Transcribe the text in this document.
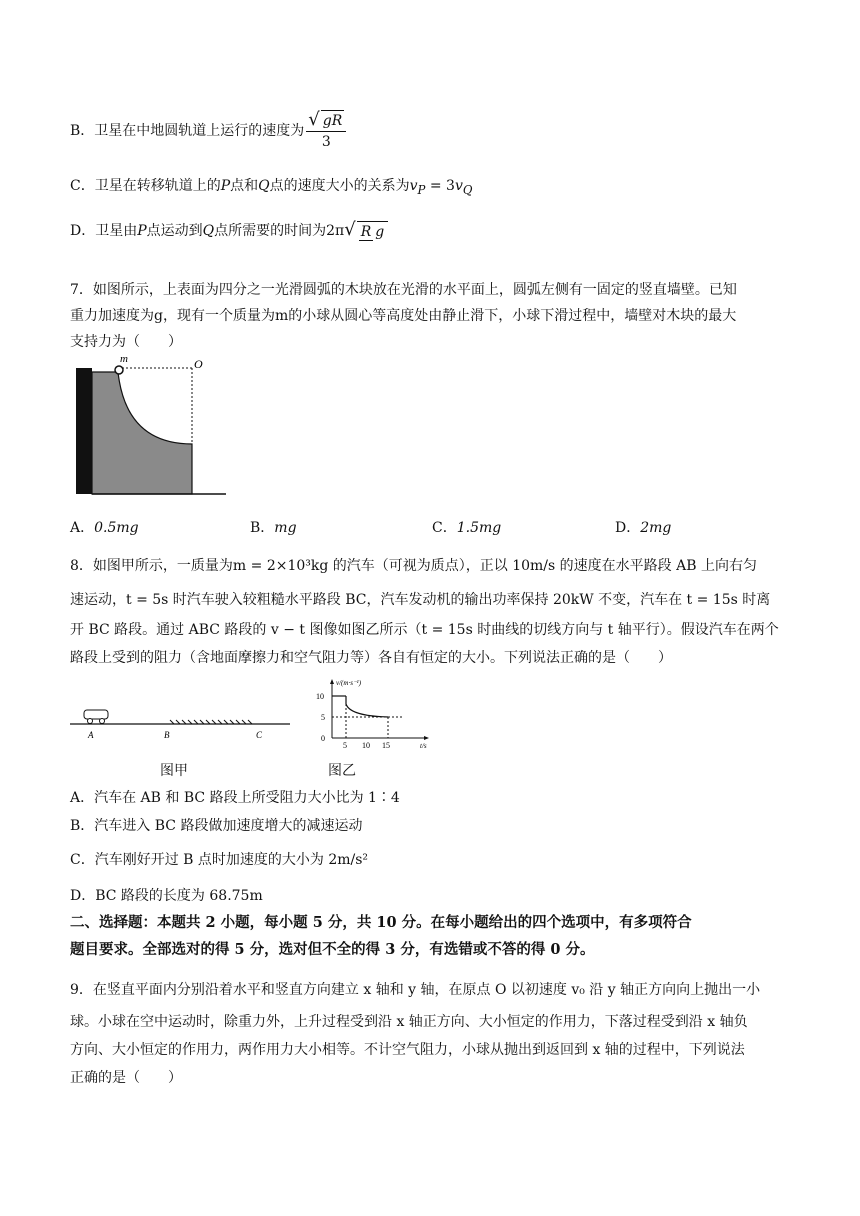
B．卫星在中地圆轨道上运行的速度为 $\frac{√ gR}{3}$
C．卫星在转移轨道上的P点和Q点的速度大小的关系为$v_P = 3v_Q$
D．卫星由P点运动到Q点所需要的时间为2π√ R g
7．如图所示，上表面为四分之一光滑圆弧的木块放在光滑的水平面上，圆弧左侧有一固定的竖直墙壁。已知
重力加速度为g，现有一个质量为m的小球从圆心等高度处由静止滑下，小球下滑过程中，墙壁对木块的最大
支持力为（　　）
m	O
A．0.5mg	B．mg	C．1.5mg	D．2mg
8．如图甲所示，一质量为m = 2×10³kg 的汽车（可视为质点），正以 10m/s 的速度在水平路段 AB 上向右匀
速运动，t = 5s 时汽车驶入较粗糙水平路段 BC，汽车发动机的输出功率保持 20kW 不变，汽车在 t = 15s 时离
开 BC 路段。通过 ABC 路段的 v − t 图像如图乙所示（t = 15s 时曲线的切线方向与 t 轴平行）。假设汽车在两个
路段上受到的阻力（含地面摩擦力和空气阻力等）各自有恒定的大小。下列说法正确的是（　　）
A	B	C
图甲
v/(m·s⁻¹)
t/s
10
5
0
5 10 15
图乙
A．汽车在 AB 和 BC 路段上所受阻力大小比为 1∶4
B．汽车进入 BC 路段做加速度增大的减速运动
C．汽车刚好开过 B 点时加速度的大小为 2m/s²
D．BC 路段的长度为 68.75m
二、选择题：本题共 2 小题，每小题 5 分，共 10 分。在每小题给出的四个选项中，有多项符合
题目要求。全部选对的得 5 分，选对但不全的得 3 分，有选错或不答的得 0 分。
9．在竖直平面内分别沿着水平和竖直方向建立 x 轴和 y 轴，在原点 O 以初速度 v₀ 沿 y 轴正方向向上抛出一小
球。小球在空中运动时，除重力外，上升过程受到沿 x 轴正方向、大小恒定的作用力，下落过程受到沿 x 轴负
方向、大小恒定的作用力，两作用力大小相等。不计空气阻力，小球从抛出到返回到 x 轴的过程中，下列说法
正确的是（　　）
